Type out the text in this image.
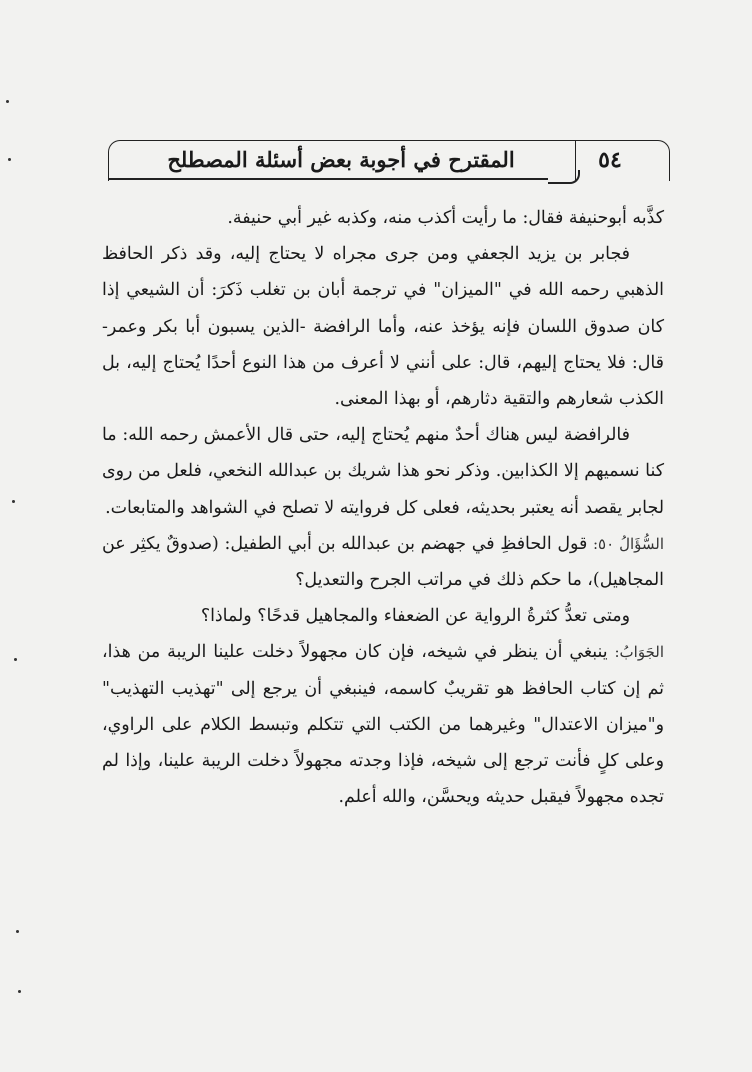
٥٤
المقترح في أجوبة بعض أسئلة المصطلح

كذَّبه أبوحنيفة فقال: ما رأيت أكذب منه، وكذبه غير أبي حنيفة.

فجابر بن يزيد الجعفي ومن جرى مجراه لا يحتاج إليه، وقد ذكر الحافظ الذهبي رحمه الله في "الميزان" في ترجمة أبان بن تغلب ذَكرَ: أن الشيعي إذا كان صدوق اللسان فإنه يؤخذ عنه، وأما الرافضة -الذين يسبون أبا بكر وعمر- قال: فلا يحتاج إليهم، قال: على أنني لا أعرف من هذا النوع أحدًا يُحتاج إليه، بل الكذب شعارهم والتقية دثارهم، أو بهذا المعنى.

فالرافضة ليس هناك أحدٌ منهم يُحتاج إليه، حتى قال الأعمش رحمه الله: ما كنا نسميهم إلا الكذابين. وذكر نحو هذا شريك بن عبدالله النخعي، فلعل من روى لجابر يقصد أنه يعتبر بحديثه، فعلى كل فروايته لا تصلح في الشواهد والمتابعات.

السُّؤَالُ ٥٠: قول الحافظِ في جهضم بن عبدالله بن أبي الطفيل: (صدوقٌ يكثِر عن المجاهيل)، ما حكم ذلك في مراتب الجرح والتعديل؟

ومتى تعدُّ كثرةُ الرواية عن الضعفاء والمجاهيل قدحًا؟ ولماذا؟

الجَوَابُ: ينبغي أن ينظر في شيخه، فإن كان مجهولاً دخلت علينا الريبة من هذا، ثم إن كتاب الحافظ هو تقريبٌ كاسمه، فينبغي أن يرجع إلى "تهذيب التهذيب" و"ميزان الاعتدال" وغيرهما من الكتب التي تتكلم وتبسط الكلام على الراوي، وعلى كلٍ فأنت ترجع إلى شيخه، فإذا وجدته مجهولاً دخلت الريبة علينا، وإذا لم تجده مجهولاً فيقبل حديثه ويحسَّن، والله أعلم.
